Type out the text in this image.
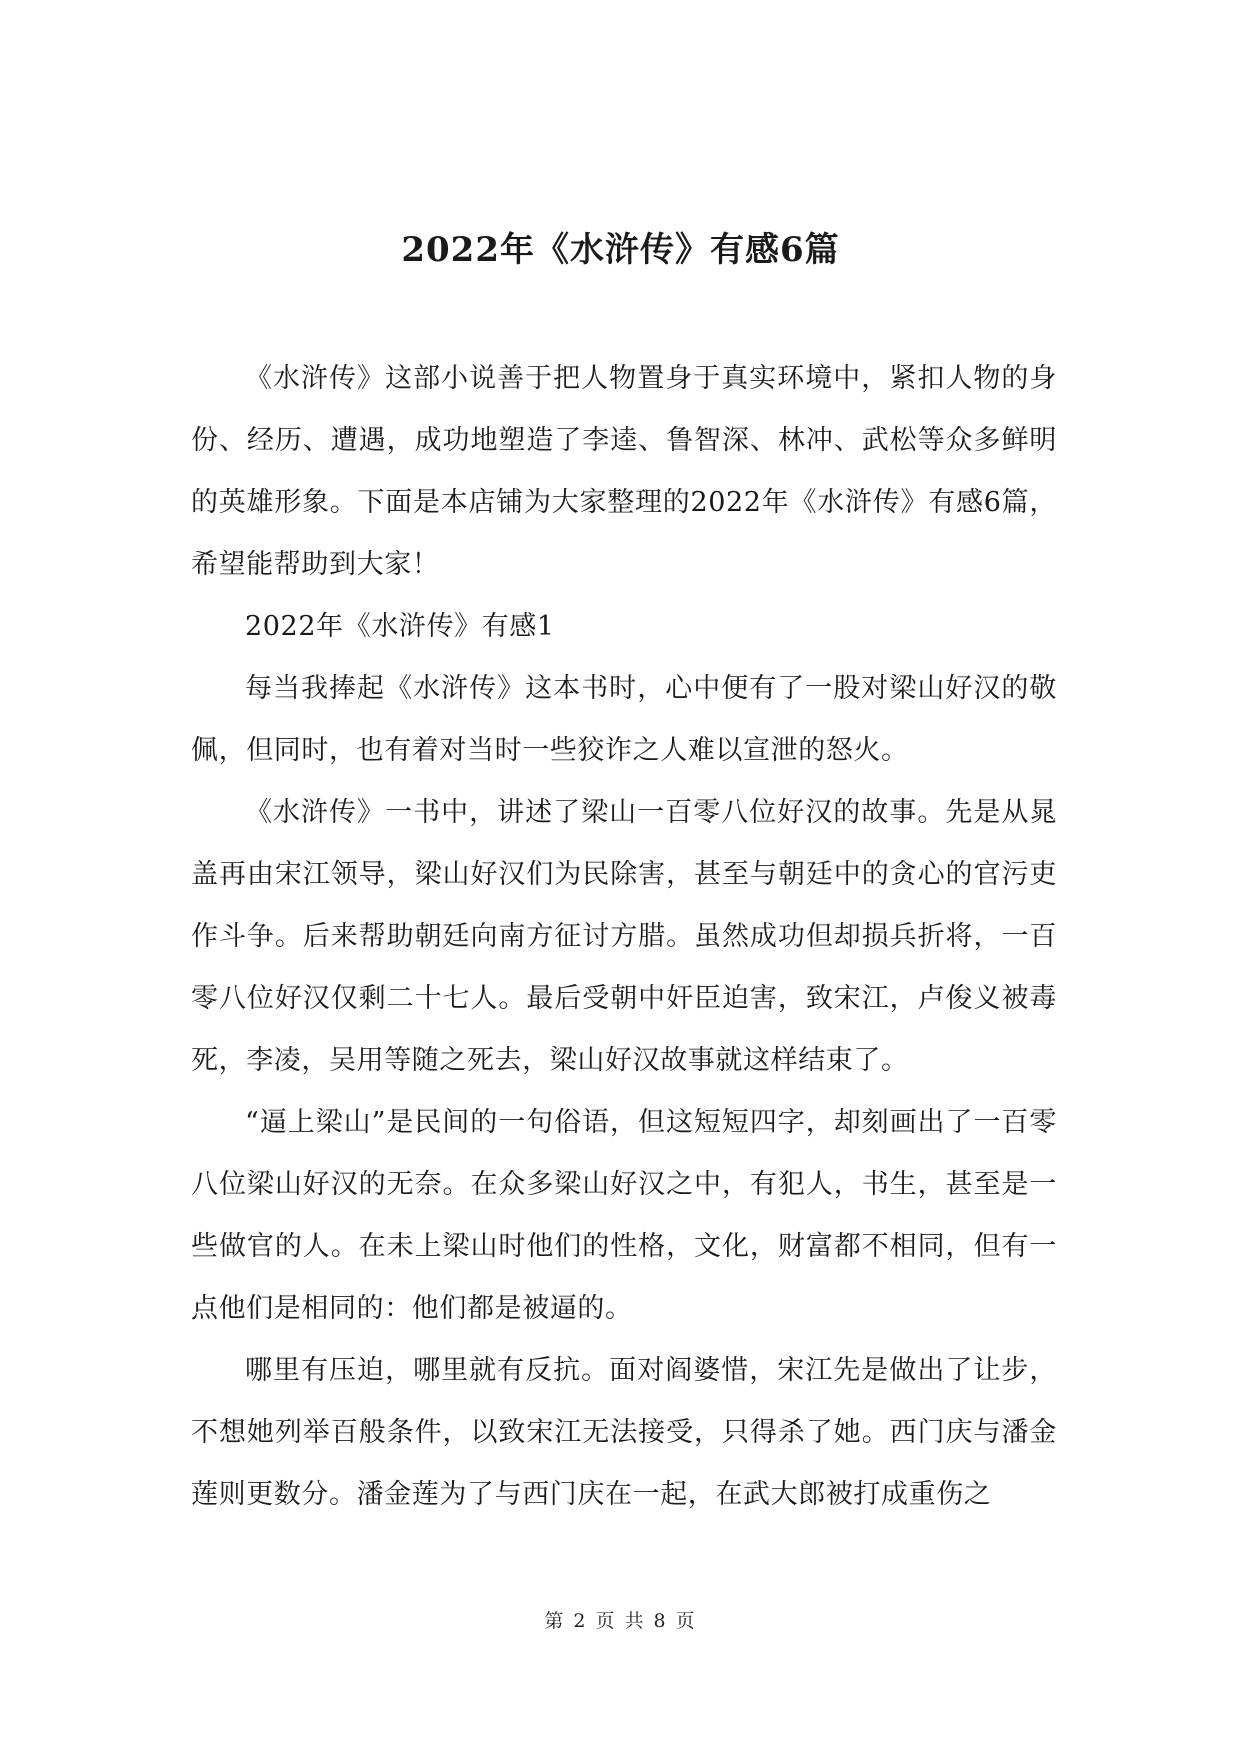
2022年《水浒传》有感6篇

《水浒传》这部小说善于把人物置身于真实环境中，紧扣人物的身份、经历、遭遇，成功地塑造了李逵、鲁智深、林冲、武松等众多鲜明的英雄形象。下面是本店铺为大家整理的2022年《水浒传》有感6篇，希望能帮助到大家！

2022年《水浒传》有感1

每当我捧起《水浒传》这本书时，心中便有了一股对梁山好汉的敬佩，但同时，也有着对当时一些狡诈之人难以宣泄的怒火。

《水浒传》一书中，讲述了梁山一百零八位好汉的故事。先是从晁盖再由宋江领导，梁山好汉们为民除害，甚至与朝廷中的贪心的官污吏作斗争。后来帮助朝廷向南方征讨方腊。虽然成功但却损兵折将，一百零八位好汉仅剩二十七人。最后受朝中奸臣迫害，致宋江，卢俊义被毒死，李凌，吴用等随之死去，梁山好汉故事就这样结束了。

“逼上梁山”是民间的一句俗语，但这短短四字，却刻画出了一百零八位梁山好汉的无奈。在众多梁山好汉之中，有犯人，书生，甚至是一些做官的人。在未上梁山时他们的性格，文化，财富都不相同，但有一点他们是相同的：他们都是被逼的。

哪里有压迫，哪里就有反抗。面对阎婆惜，宋江先是做出了让步，不想她列举百般条件，以致宋江无法接受，只得杀了她。西门庆与潘金莲则更数分。潘金莲为了与西门庆在一起，在武大郎被打成重伤之

第 2 页 共 8 页
